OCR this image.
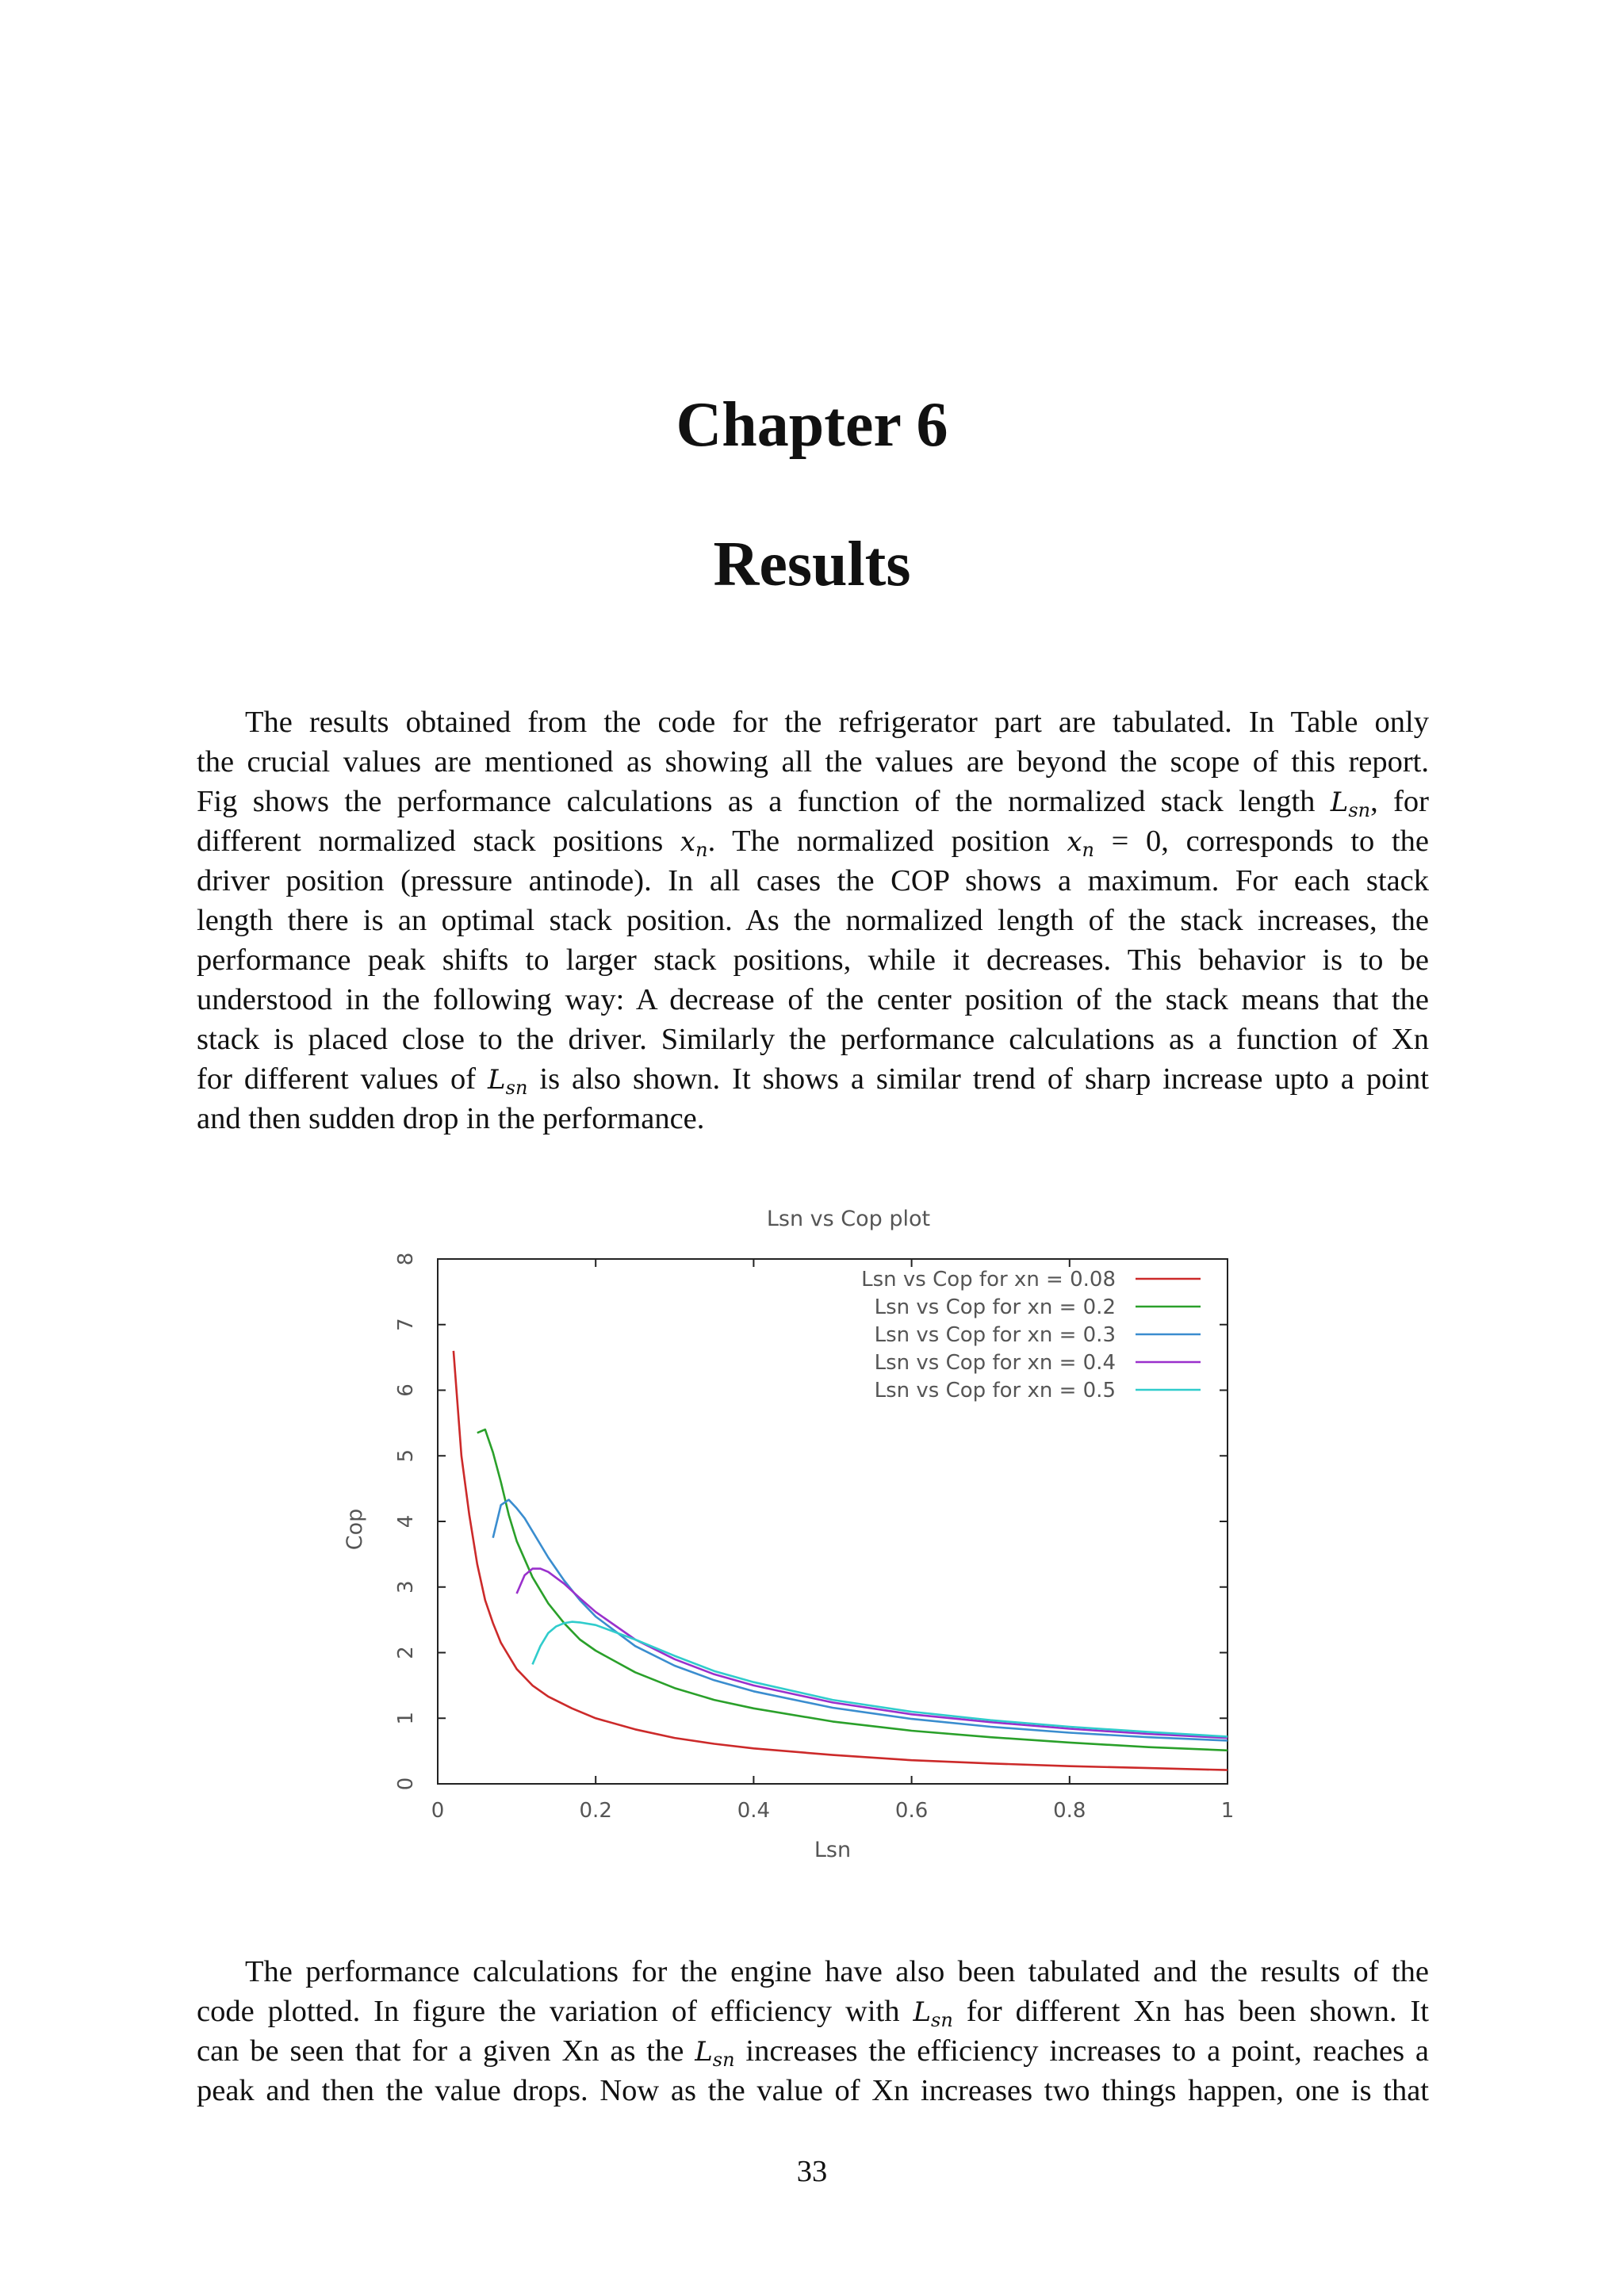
Chapter 6
Results
The results obtained from the code for the refrigerator part are tabulated. In Table only
the crucial values are mentioned as showing all the values are beyond the scope of this report.
Fig shows the performance calculations as a function of the normalized stack length $L_{sn}$, for
different normalized stack positions $x_n$. The normalized position $x_n = 0$, corresponds to the
driver position (pressure antinode). In all cases the COP shows a maximum. For each stack
length there is an optimal stack position. As the normalized length of the stack increases, the
performance peak shifts to larger stack positions, while it decreases. This behavior is to be
understood in the following way: A decrease of the center position of the stack means that the
stack is placed close to the driver. Similarly the performance calculations as a function of Xn
for different values of $L_{sn}$ is also shown. It shows a similar trend of sharp increase upto a point
and then sudden drop in the performance.
Lsn vs Cop plot
0	0.2	0.4	0.6	0.8	1
0
1
2
3
4
5
6
7
8
Lsn
Cop
Lsn vs Cop for xn = 0.08
Lsn vs Cop for xn = 0.2
Lsn vs Cop for xn = 0.3
Lsn vs Cop for xn = 0.4
Lsn vs Cop for xn = 0.5
The performance calculations for the engine have also been tabulated and the results of the
code plotted. In figure the variation of efficiency with $L_{sn}$ for different Xn has been shown. It
can be seen that for a given Xn as the $L_{sn}$ increases the efficiency increases to a point, reaches a
peak and then the value drops. Now as the value of Xn increases two things happen, one is that
33
